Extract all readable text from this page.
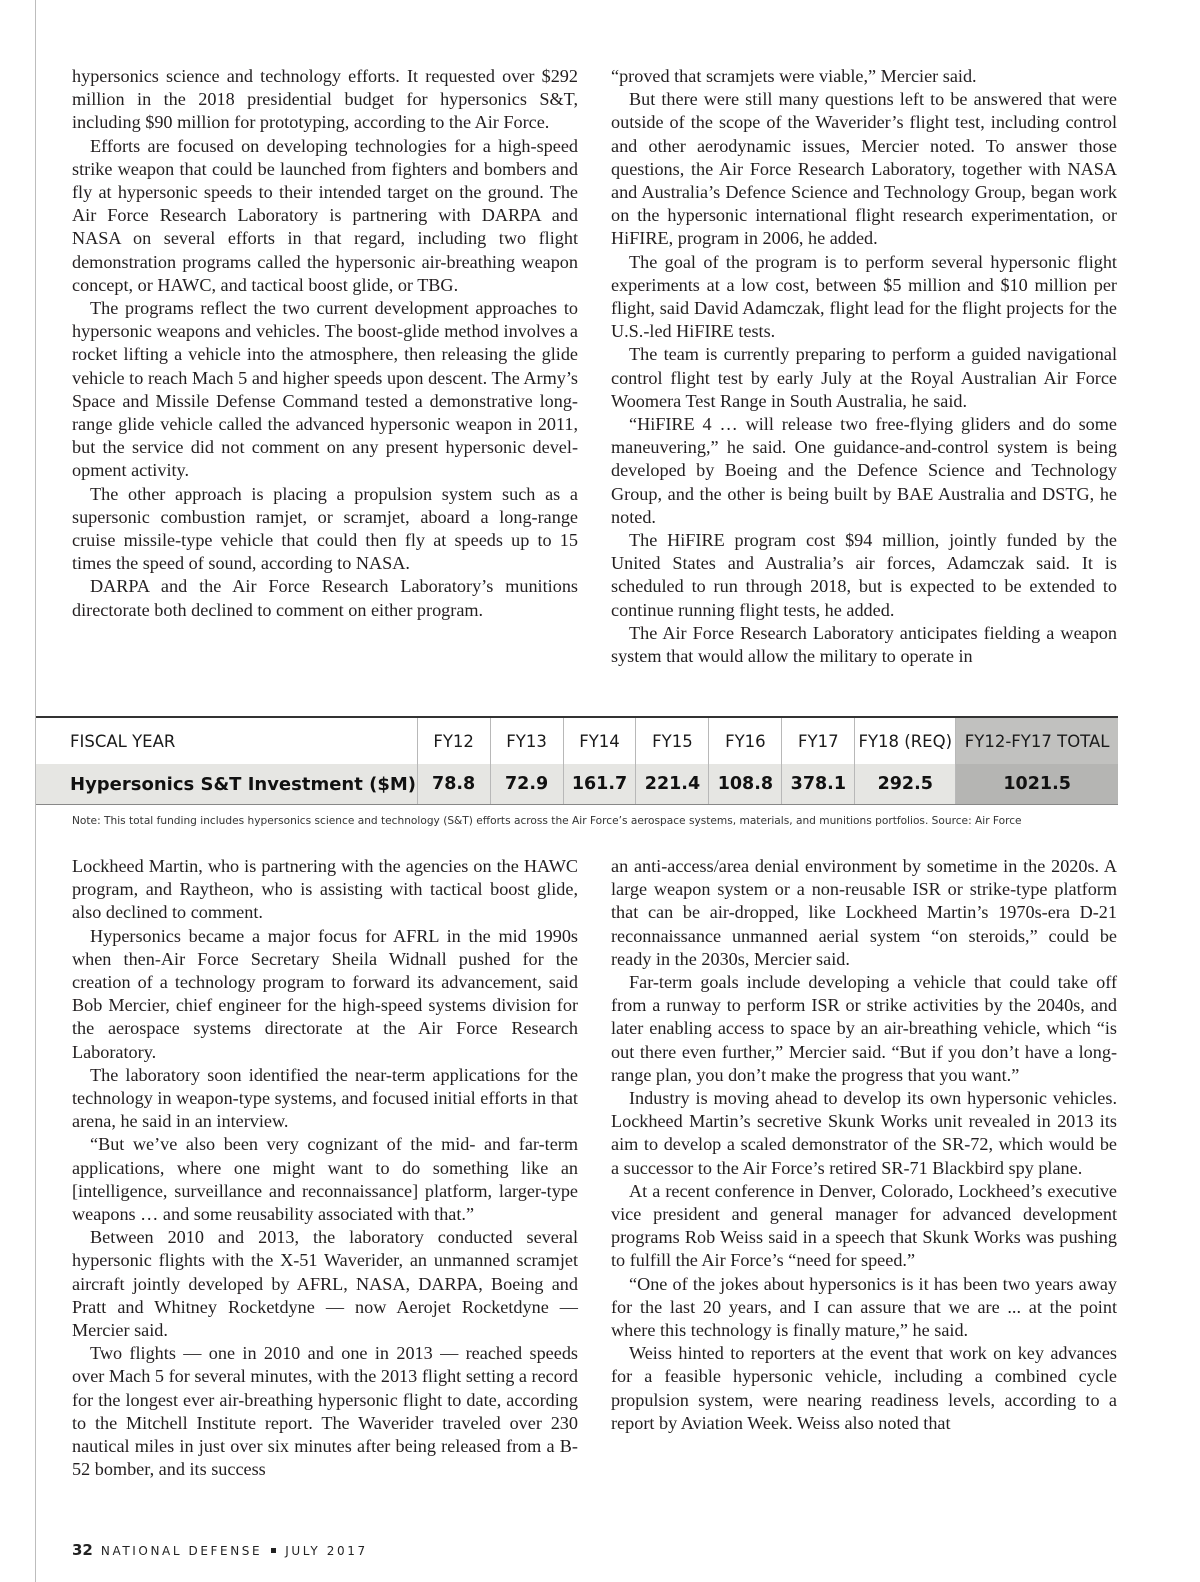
hypersonics science and technology efforts. It requested over $292 million in the 2018 presidential budget for hypersonics S&T, including $90 million for prototyping, according to the Air Force.

Efforts are focused on developing technologies for a high-speed strike weapon that could be launched from fighters and bombers and fly at hypersonic speeds to their intended target on the ground. The Air Force Research Laboratory is partnering with DARPA and NASA on several efforts in that regard, including two flight demonstration programs called the hypersonic air-breathing weapon concept, or HAWC, and tactical boost glide, or TBG.

The programs reflect the two current development approaches to hypersonic weapons and vehicles. The boost-glide method involves a rocket lifting a vehicle into the atmosphere, then releasing the glide vehicle to reach Mach 5 and higher speeds upon descent. The Army’s Space and Missile Defense Command tested a demonstrative long-range glide vehicle called the advanced hypersonic weapon in 2011, but the service did not comment on any present hypersonic development activity.

The other approach is placing a propulsion system such as a supersonic combustion ramjet, or scramjet, aboard a long-range cruise missile-type vehicle that could then fly at speeds up to 15 times the speed of sound, according to NASA.

DARPA and the Air Force Research Laboratory’s munitions directorate both declined to comment on either program.

“proved that scramjets were viable,” Mercier said.

But there were still many questions left to be answered that were outside of the scope of the Waverider’s flight test, including control and other aerodynamic issues, Mercier noted. To answer those questions, the Air Force Research Laboratory, together with NASA and Australia’s Defence Science and Technology Group, began work on the hypersonic international flight research experimentation, or HiFIRE, program in 2006, he added.

The goal of the program is to perform several hypersonic flight experiments at a low cost, between $5 million and $10 million per flight, said David Adamczak, flight lead for the flight projects for the U.S.-led HiFIRE tests.

The team is currently preparing to perform a guided navigational control flight test by early July at the Royal Australian Air Force Woomera Test Range in South Australia, he said.

“HiFIRE 4 … will release two free-flying gliders and do some maneuvering,” he said. One guidance-and-control system is being developed by Boeing and the Defence Science and Technology Group, and the other is being built by BAE Australia and DSTG, he noted.

The HiFIRE program cost $94 million, jointly funded by the United States and Australia’s air forces, Adamczak said. It is scheduled to run through 2018, but is expected to be extended to continue running flight tests, he added.

The Air Force Research Laboratory anticipates fielding a weapon system that would allow the military to operate in

FISCAL YEAR	FY12	FY13	FY14	FY15	FY16	FY17	FY18 (REQ) FY12-FY17 TOTAL
Hypersonics S&T Investment ($M) 78.8	72.9	161.7	221.4	108.8	378.1	292.5	1021.5
Note: This total funding includes hypersonics science and technology (S&T) efforts across the Air Force’s aerospace systems, materials, and munitions portfolios. Source: Air Force

Lockheed Martin, who is partnering with the agencies on the HAWC program, and Raytheon, who is assisting with tactical boost glide, also declined to comment.

Hypersonics became a major focus for AFRL in the mid 1990s when then-Air Force Secretary Sheila Widnall pushed for the creation of a technology program to forward its advancement, said Bob Mercier, chief engineer for the high-speed systems division for the aerospace systems directorate at the Air Force Research Laboratory.

The laboratory soon identified the near-term applications for the technology in weapon-type systems, and focused initial efforts in that arena, he said in an interview.

“But we’ve also been very cognizant of the mid- and far-term applications, where one might want to do something like an [intelligence, surveillance and reconnaissance] platform, larger-type weapons … and some reusability associated with that.”

Between 2010 and 2013, the laboratory conducted several hypersonic flights with the X-51 Waverider, an unmanned scramjet aircraft jointly developed by AFRL, NASA, DARPA, Boeing and Pratt and Whitney Rocketdyne — now Aerojet Rocketdyne — Mercier said.

Two flights — one in 2010 and one in 2013 — reached speeds over Mach 5 for several minutes, with the 2013 flight setting a record for the longest ever air-breathing hypersonic flight to date, according to the Mitchell Institute report. The Waverider traveled over 230 nautical miles in just over six minutes after being released from a B-52 bomber, and its success

an anti-access/area denial environment by sometime in the 2020s. A large weapon system or a non-reusable ISR or strike-type platform that can be air-dropped, like Lockheed Martin’s 1970s-era D-21 reconnaissance unmanned aerial system “on steroids,” could be ready in the 2030s, Mercier said.

Far-term goals include developing a vehicle that could take off from a runway to perform ISR or strike activities by the 2040s, and later enabling access to space by an air-breathing vehicle, which “is out there even further,” Mercier said. “But if you don’t have a long-range plan, you don’t make the progress that you want.”

Industry is moving ahead to develop its own hypersonic vehicles. Lockheed Martin’s secretive Skunk Works unit revealed in 2013 its aim to develop a scaled demonstrator of the SR-72, which would be a successor to the Air Force’s retired SR-71 Blackbird spy plane.

At a recent conference in Denver, Colorado, Lockheed’s executive vice president and general manager for advanced development programs Rob Weiss said in a speech that Skunk Works was pushing to fulfill the Air Force’s “need for speed.”

“One of the jokes about hypersonics is it has been two years away for the last 20 years, and I can assure that we are ... at the point where this technology is finally mature,” he said.

Weiss hinted to reporters at the event that work on key advances for a feasible hypersonic vehicle, including a combined cycle propulsion system, were nearing readiness levels, according to a report by Aviation Week. Weiss also noted that

32 NATIONAL DEFENSE JULY 2017
